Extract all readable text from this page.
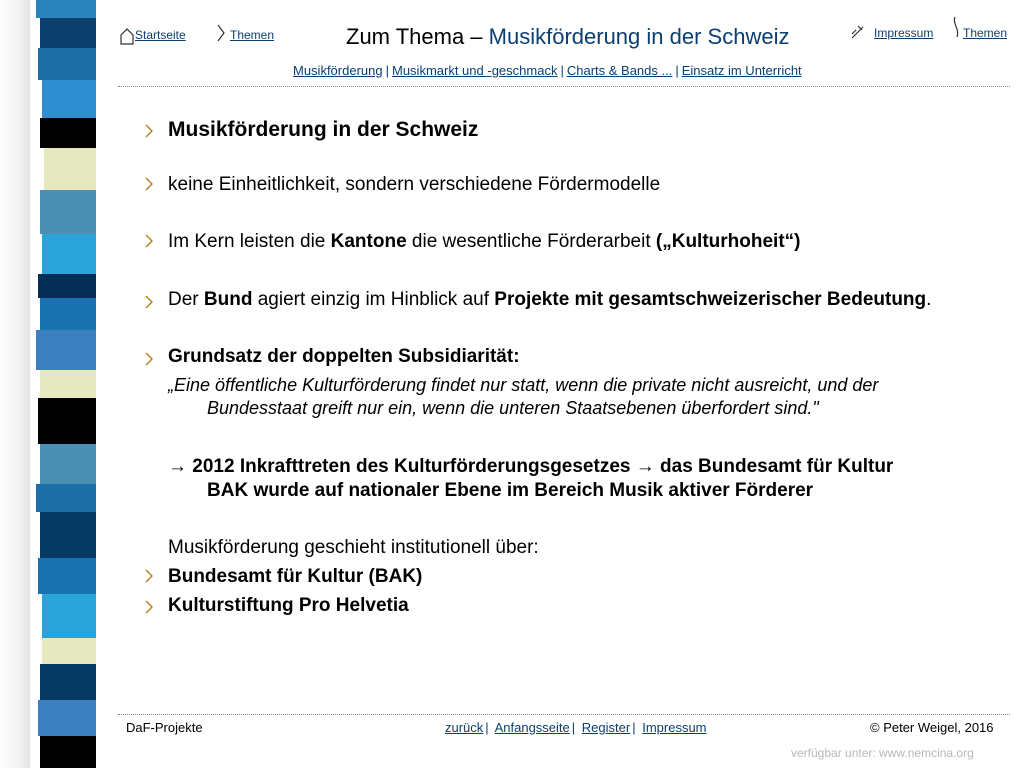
Startseite	Themen	Zum Thema – Musikförderung in der Schweiz	Impressum Themen
Musikförderung | Musikmarkt und -geschmack | Charts & Bands ... | Einsatz im Unterricht
Musikförderung in der Schweiz
keine Einheitlichkeit, sondern verschiedene Fördermodelle
Im Kern leisten die Kantone die wesentliche Förderarbeit („Kulturhoheit“)
Der Bund agiert einzig im Hinblick auf Projekte mit gesamtschweizerischer Bedeutung.
Grundsatz der doppelten Subsidiarität:
„Eine öffentliche Kulturförderung findet nur statt, wenn die private nicht ausreicht, und der
Bundesstaat greift nur ein, wenn die unteren Staatsebenen überfordert sind."
→ 2012 Inkrafttreten des Kulturförderungsgesetzes → das Bundesamt für Kultur
BAK wurde auf nationaler Ebene im Bereich Musik aktiver Förderer
Musikförderung geschieht institutionell über:
Bundesamt für Kultur (BAK)
Kulturstiftung Pro Helvetia
DaF-Projekte	zurück | Anfangsseite | Register | Impressum	© Peter Weigel, 2016
verfügbar unter: www.nemcina.org
